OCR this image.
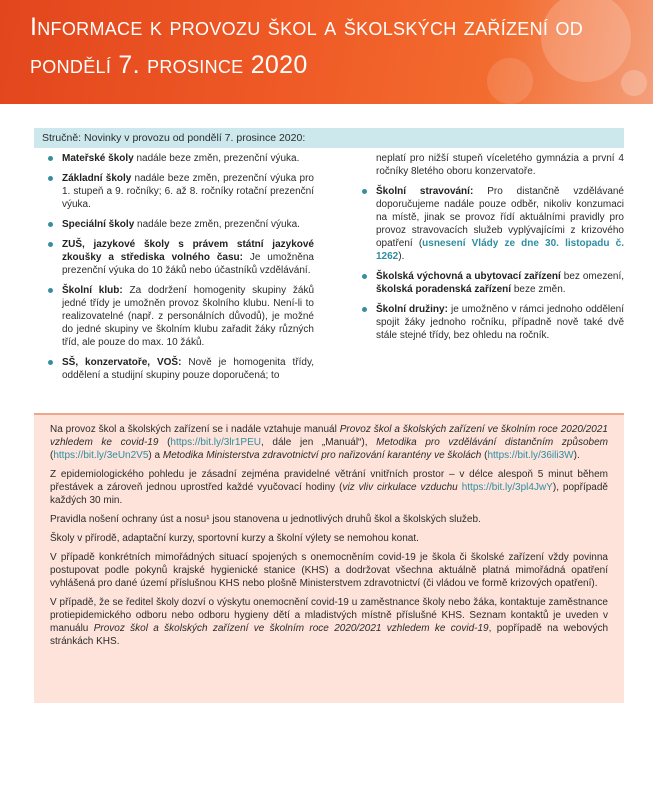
Informace k provozu škol a školských zařízení od pondělí 7. prosince 2020
Stručně: Novinky v provozu od pondělí 7. prosince 2020:
Mateřské školy nadále beze změn, prezenční výuka.
Základní školy nadále beze změn, prezenční výuka pro 1. stupeň a 9. ročníky; 6. až 8. ročníky rotační prezenční výuka.
Speciální školy nadále beze změn, prezenční výuka.
ZUŠ, jazykové školy s právem státní jazykové zkoušky a střediska volného času: Je umožněna prezenční výuka do 10 žáků nebo účastníků vzdělávání.
Školní klub: Za dodržení homogenity skupiny žáků jedné třídy je umožněn provoz školního klubu. Není-li to realizovatelné (např. z personálních důvodů), je možné do jedné skupiny ve školním klubu zařadit žáky různých tříd, ale pouze do max. 10 žáků.
SŠ, konzervatoře, VOŠ: Nově je homogenita třídy, oddělení a studijní skupiny pouze doporučená; to
neplatí pro nižší stupeň víceletého gymnázia a první 4 ročníky 8letého oboru konzervatoře.
Školní stravování: Pro distančně vzdělávané doporučujeme nadále pouze odběr, nikoliv konzumaci na místě, jinak se provoz řídí aktuálními pravidly pro provoz stravovacích služeb vyplývajícími z krizového opatření (usnesení Vlády ze dne 30. listopadu č. 1262).
Školská výchovná a ubytovací zařízení bez omezení, školská poradenská zařízení beze změn.
Školní družiny: je umožněno v rámci jednoho oddělení spojit žáky jednoho ročníku, případně nově také dvě stále stejné třídy, bez ohledu na ročník.

Na provoz škol a školských zařízení se i nadále vztahuje manuál Provoz škol a školských zařízení ve školním roce 2020/2021 vzhledem ke covid-19 (https://bit.ly/3lr1PEU, dále jen „Manuál“), Metodika pro vzdělávání distančním způsobem (https://bit.ly/3eUn2V5) a Metodika Ministerstva zdravotnictví pro nařizování karantény ve školách (https://bit.ly/36ili3W).

Z epidemiologického pohledu je zásadní zejména pravidelné větrání vnitřních prostor – v délce alespoň 5 minut během přestávek a zároveň jednou uprostřed každé vyučovací hodiny (viz vliv cirkulace vzduchu https://bit.ly/3pl4JwY), popřípadě každých 30 min.

Pravidla nošení ochrany úst a nosu¹ jsou stanovena u jednotlivých druhů škol a školských služeb.

Školy v přírodě, adaptační kurzy, sportovní kurzy a školní výlety se nemohou konat.

V případě konkrétních mimořádných situací spojených s onemocněním covid-19 je škola či školské zařízení vždy povinna postupovat podle pokynů krajské hygienické stanice (KHS) a dodržovat všechna aktuálně platná mimořádná opatření vyhlášená pro dané území příslušnou KHS nebo plošně Ministerstvem zdravotnictví (či vládou ve formě krizových opatření).

V případě, že se ředitel školy dozví o výskytu onemocnění covid-19 u zaměstnance školy nebo žáka, kontaktuje zaměstnance protiepidemického odboru nebo odboru hygieny dětí a mladistvých místně příslušné KHS. Seznam kontaktů je uveden v manuálu Provoz škol a školských zařízení ve školním roce 2020/2021 vzhledem ke covid-19, popřípadě na webových stránkách KHS.
